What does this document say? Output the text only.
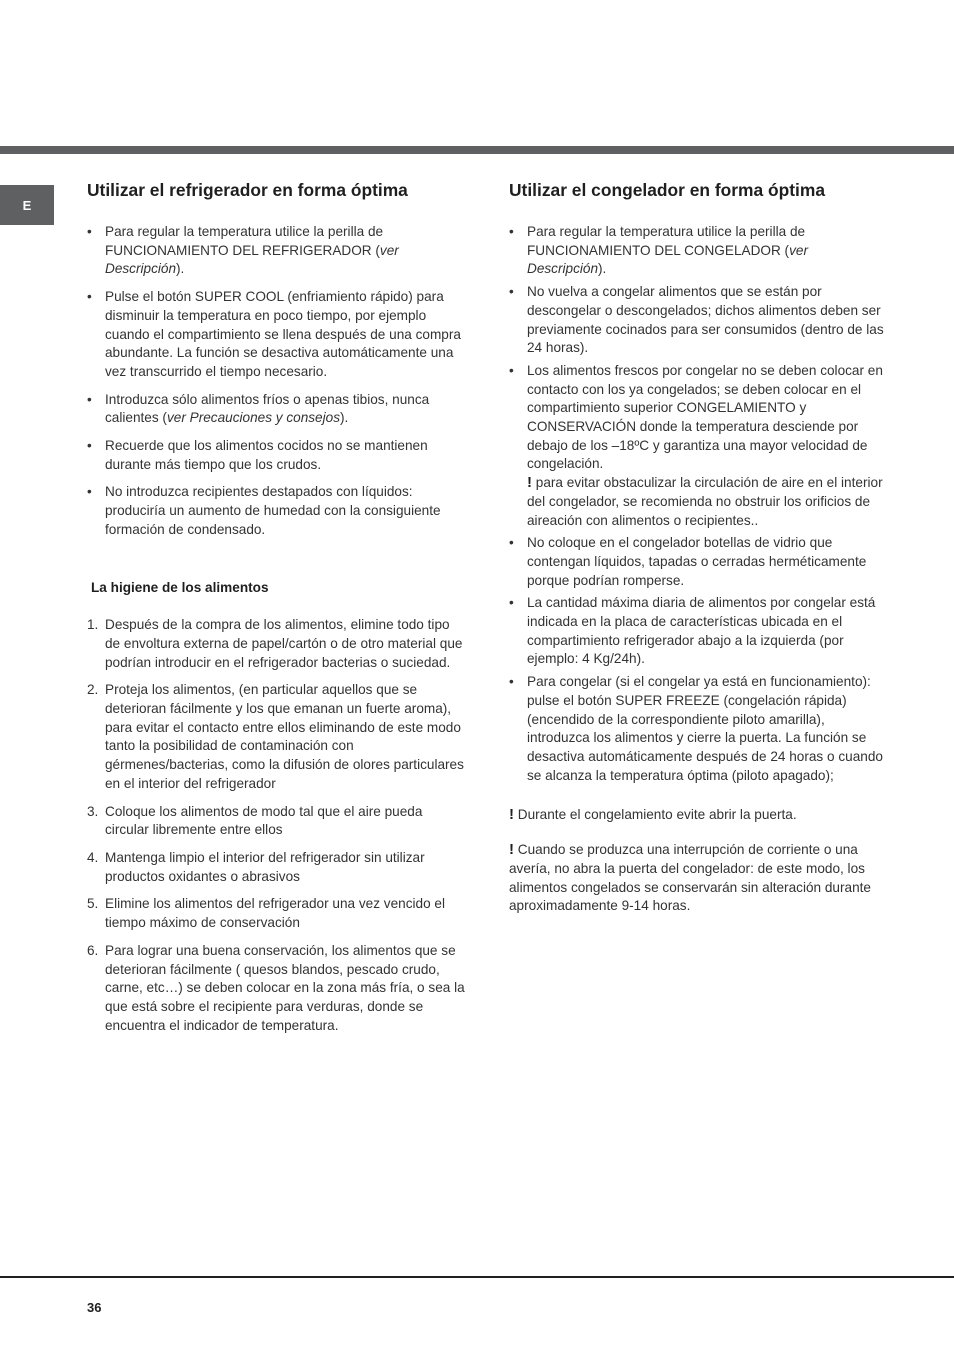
E
Utilizar el refrigerador en forma óptima
• Para regular la temperatura utilice la perilla de FUNCIONAMIENTO DEL REFRIGERADOR (ver Descripción).
• Pulse el botón SUPER COOL (enfriamiento rápido) para disminuir la temperatura en poco tiempo, por ejemplo cuando el compartimiento se llena después de una compra abundante. La función se desactiva automáticamente una vez transcurrido el tiempo necesario.
• Introduzca sólo alimentos fríos o apenas tibios, nunca calientes (ver Precauciones y consejos).
• Recuerde que los alimentos cocidos no se mantienen durante más tiempo que los crudos.
• No introduzca recipientes destapados con líquidos: produciría un aumento de humedad con la consiguiente formación de condensado.
La higiene de los alimentos
1. Después de la compra de los alimentos, elimine todo tipo de envoltura externa de papel/cartón o de otro material que podrían introducir en el refrigerador bacterias o suciedad.
2. Proteja los alimentos, (en particular aquellos que se deterioran fácilmente y los que emanan un fuerte aroma), para evitar el contacto entre ellos eliminando de este modo tanto la posibilidad de contaminación con gérmenes/bacterias, como la difusión de olores particulares en el interior del refrigerador
3. Coloque los alimentos de modo tal que el aire pueda circular libremente entre ellos
4. Mantenga limpio el interior del refrigerador sin utilizar productos oxidantes o abrasivos
5. Elimine los alimentos del refrigerador una vez vencido el tiempo máximo de conservación
6. Para lograr una buena conservación, los alimentos que se deterioran fácilmente ( quesos blandos, pescado crudo, carne, etc…) se deben colocar en la zona más fría, o sea la que está sobre el recipiente para verduras, donde se encuentra el indicador de temperatura.
Utilizar el congelador en forma óptima
• Para regular la temperatura utilice la perilla de FUNCIONAMIENTO DEL CONGELADOR (ver Descripción).
• No vuelva a congelar alimentos que se están por descongelar o descongelados; dichos alimentos deben ser previamente cocinados para ser consumidos (dentro de las 24 horas).
• Los alimentos frescos por congelar no se deben colocar en contacto con los ya congelados; se deben colocar en el compartimiento superior CONGELAMIENTO y CONSERVACIÓN donde la temperatura desciende por debajo de los –18ºC y garantiza una mayor velocidad de congelación.
! para evitar obstaculizar la circulación de aire en el interior del congelador, se recomienda no obstruir los orificios de aireación con alimentos o recipientes..
• No coloque en el congelador botellas de vidrio que contengan líquidos, tapadas o cerradas herméticamente porque podrían romperse.
• La cantidad máxima diaria de alimentos por congelar está indicada en la placa de características ubicada en el compartimiento refrigerador abajo a la izquierda (por ejemplo: 4 Kg/24h).
• Para congelar (si el congelar ya está en funcionamiento):
pulse el botón SUPER FREEZE (congelación rápida) (encendido de la correspondiente piloto amarilla), introduzca los alimentos y cierre la puerta. La función se desactiva automáticamente después de 24 horas o cuando se alcanza la temperatura óptima (piloto apagado);

! Durante el congelamiento evite abrir la puerta.

! Cuando se produzca una interrupción de corriente o una avería, no abra la puerta del congelador: de este modo, los alimentos congelados se conservarán sin alteración durante aproximadamente 9-14 horas.

36
